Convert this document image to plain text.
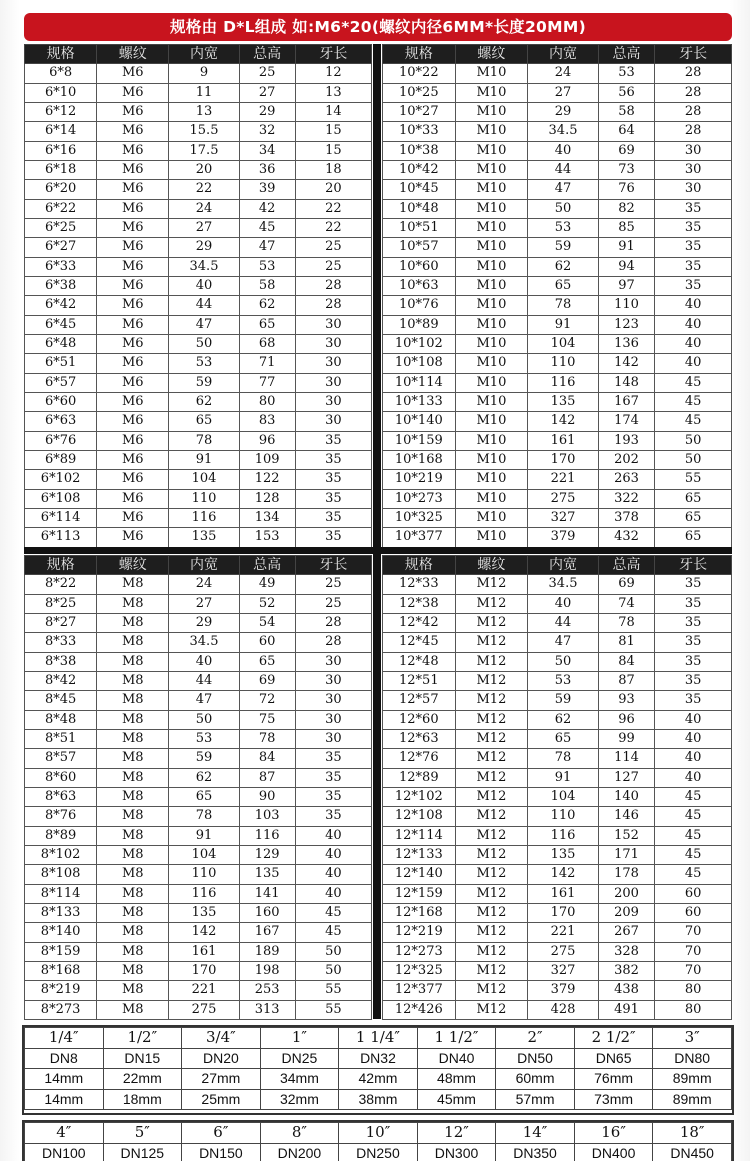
规格由 D*L组成 如:M6*20(螺纹内径6MM*长度20MM)
规格	螺纹	内宽	总高	牙长
6*8	M6	9	25	12
6*10	M6	11	27	13
6*12	M6	13	29	14
6*14	M6	15.5	32	15
6*16	M6	17.5	34	15
6*18	M6	20	36	18
6*20	M6	22	39	20
6*22	M6	24	42	22
6*25	M6	27	45	22
6*27	M6	29	47	25
6*33	M6	34.5	53	25
6*38	M6	40	58	28
6*42	M6	44	62	28
6*45	M6	47	65	30
6*48	M6	50	68	30
6*51	M6	53	71	30
6*57	M6	59	77	30
6*60	M6	62	80	30
6*63	M6	65	83	30
6*76	M6	78	96	35
6*89	M6	91	109	35
6*102	M6	104	122	35
6*108	M6	110	128	35
6*114	M6	116	134	35
6*113	M6	135	153	35
规格	螺纹	内宽	总高	牙长
10*22	M10	24	53	28
10*25	M10	27	56	28
10*27	M10	29	58	28
10*33	M10	34.5	64	28
10*38	M10	40	69	30
10*42	M10	44	73	30
10*45	M10	47	76	30
10*48	M10	50	82	35
10*51	M10	53	85	35
10*57	M10	59	91	35
10*60	M10	62	94	35
10*63	M10	65	97	35
10*76	M10	78	110	40
10*89	M10	91	123	40
10*102	M10	104	136	40
10*108	M10	110	142	40
10*114	M10	116	148	45
10*133	M10	135	167	45
10*140	M10	142	174	45
10*159	M10	161	193	50
10*168	M10	170	202	50
10*219	M10	221	263	55
10*273	M10	275	322	65
10*325	M10	327	378	65
10*377	M10	379	432	65
规格	螺纹	内宽	总高	牙长
8*22	M8	24	49	25
8*25	M8	27	52	25
8*27	M8	29	54	28
8*33	M8	34.5	60	28
8*38	M8	40	65	30
8*42	M8	44	69	30
8*45	M8	47	72	30
8*48	M8	50	75	30
8*51	M8	53	78	30
8*57	M8	59	84	35
8*60	M8	62	87	35
8*63	M8	65	90	35
8*76	M8	78	103	35
8*89	M8	91	116	40
8*102	M8	104	129	40
8*108	M8	110	135	40
8*114	M8	116	141	40
8*133	M8	135	160	45
8*140	M8	142	167	45
8*159	M8	161	189	50
8*168	M8	170	198	50
8*219	M8	221	253	55
8*273	M8	275	313	55
规格	螺纹	内宽	总高	牙长
12*33	M12	34.5	69	35
12*38	M12	40	74	35
12*42	M12	44	78	35
12*45	M12	47	81	35
12*48	M12	50	84	35
12*51	M12	53	87	35
12*57	M12	59	93	35
12*60	M12	62	96	40
12*63	M12	65	99	40
12*76	M12	78	114	40
12*89	M12	91	127	40
12*102	M12	104	140	45
12*108	M12	110	146	45
12*114	M12	116	152	45
12*133	M12	135	171	45
12*140	M12	142	178	45
12*159	M12	161	200	60
12*168	M12	170	209	60
12*219	M12	221	267	70
12*273	M12	275	328	70
12*325	M12	327	382	70
12*377	M12	379	438	80
12*426	M12	428	491	80
1/4″	1/2″	3/4″	1″	1 1/4″	1 1/2″	2″	2 1/2″	3″
DN8	DN15	DN20	DN25	DN32	DN40	DN50	DN65	DN80
14mm	22mm	27mm	34mm	42mm	48mm	60mm	76mm	89mm
14mm	18mm	25mm	32mm	38mm	45mm	57mm	73mm	89mm
4″	5″	6″	8″	10″	12″	14″	16″	18″
DN100	DN125	DN150	DN200	DN250	DN300	DN350	DN400	DN450
